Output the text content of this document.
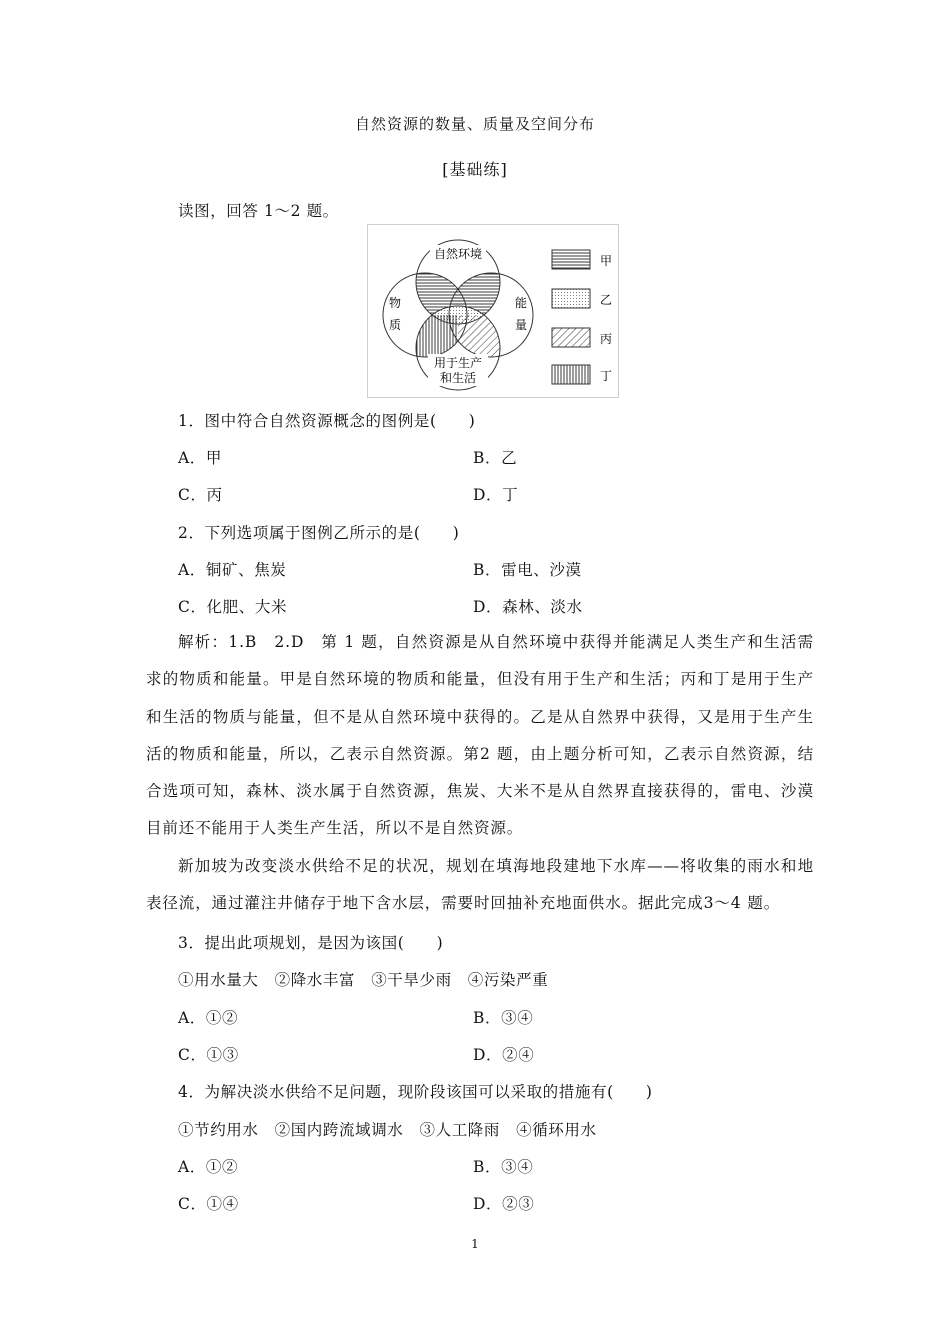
自然资源的数量、质量及空间分布
[基础练]
读图，回答 1～2 题。
自然环境
物
质
能
量
用于生产
和生活
甲
乙
丙
丁
1．图中符合自然资源概念的图例是(　　)
A．甲	B．乙
C．丙	D．丁
2．下列选项属于图例乙所示的是(　　)
A．铜矿、焦炭	B．雷电、沙漠
C．化肥、大米	D．森林、淡水
解析：1.B　2.D　第 1 题，自然资源是从自然环境中获得并能满足人类生产和生活需求的物质和能量。甲是自然环境的物质和能量，但没有用于生产和生活；丙和丁是用于生产和生活的物质与能量，但不是从自然环境中获得的。乙是从自然界中获得，又是用于生产生活的物质和能量，所以，乙表示自然资源。第2 题，由上题分析可知，乙表示自然资源，结合选项可知，森林、淡水属于自然资源，焦炭、大米不是从自然界直接获得的，雷电、沙漠目前还不能用于人类生产生活，所以不是自然资源。
新加坡为改变淡水供给不足的状况，规划在填海地段建地下水库——将收集的雨水和地表径流，通过灌注井储存于地下含水层，需要时回抽补充地面供水。据此完成3～4 题。
3．提出此项规划，是因为该国(　　)
①用水量大　②降水丰富　③干旱少雨　④污染严重
A．①②	B．③④
C．①③	D．②④
4．为解决淡水供给不足问题，现阶段该国可以采取的措施有(　　)
①节约用水　②国内跨流域调水　③人工降雨　④循环用水
A．①②	B．③④
C．①④	D．②③
1
